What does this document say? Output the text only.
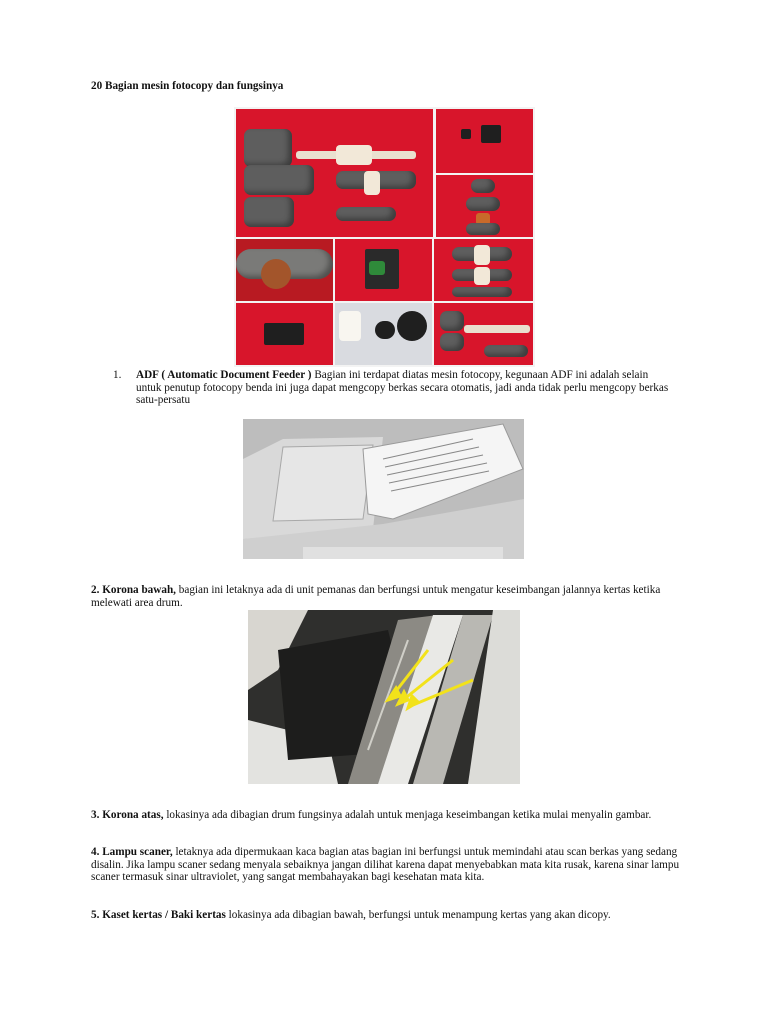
20 Bagian mesin fotocopy dan fungsinya
1. ADF ( Automatic Document Feeder ) Bagian ini terdapat diatas mesin fotocopy, kegunaan ADF ini adalah selain untuk penutup fotocopy benda ini juga dapat mengcopy berkas secara otomatis, jadi anda tidak perlu mengcopy berkas satu-persatu
2. Korona bawah, bagian ini letaknya ada di unit pemanas dan berfungsi untuk mengatur keseimbangan jalannya kertas ketika melewati area drum.
3. Korona atas, lokasinya ada dibagian drum fungsinya adalah untuk menjaga keseimbangan ketika mulai menyalin gambar.
4. Lampu scaner, letaknya ada dipermukaan kaca bagian atas bagian ini berfungsi untuk memindahi atau scan berkas yang sedang disalin. Jika lampu scaner sedang menyala sebaiknya jangan dilihat karena dapat menyebabkan mata kita rusak, karena sinar lampu scaner termasuk sinar ultraviolet, yang sangat membahayakan bagi kesehatan mata kita.
5. Kaset kertas / Baki kertas lokasinya ada dibagian bawah, berfungsi untuk menampung kertas yang akan dicopy.
